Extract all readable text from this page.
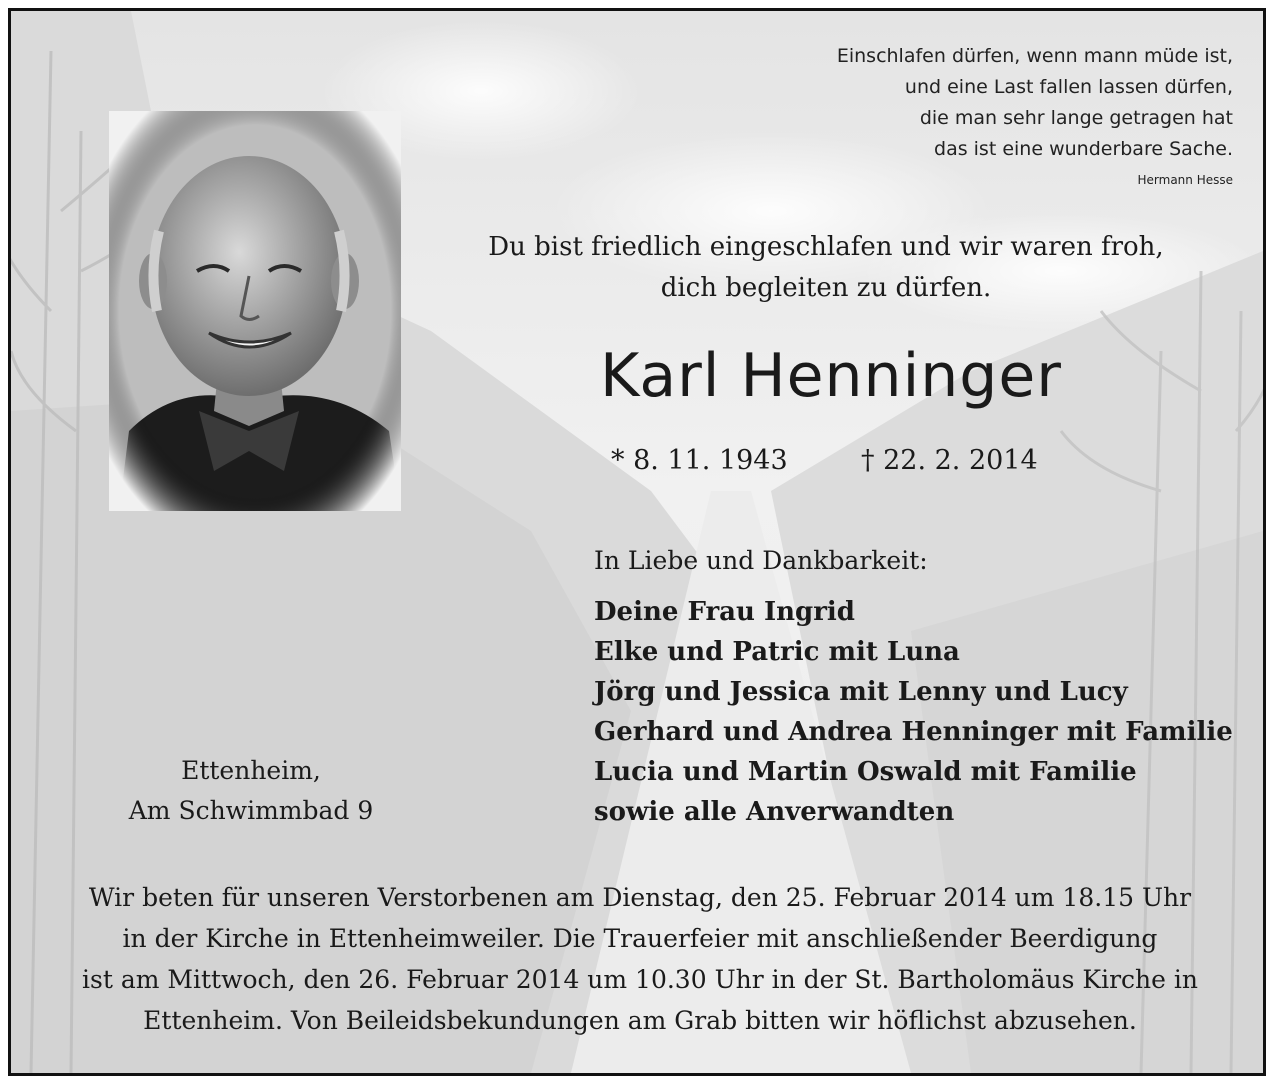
Einschlafen dürfen, wenn mann müde ist,
und eine Last fallen lassen dürfen,
die man sehr lange getragen hat
das ist eine wunderbare Sache.
Hermann Hesse
Du bist friedlich eingeschlafen und wir waren froh,
dich begleiten zu dürfen.
Karl Henninger
* 8. 11. 1943	† 22. 2. 2014
In Liebe und Dankbarkeit:
Deine Frau Ingrid
Elke und Patric mit Luna
Jörg und Jessica mit Lenny und Lucy
Gerhard und Andrea Henninger mit Familie
Lucia und Martin Oswald mit Familie
sowie alle Anverwandten
Ettenheim,
Am Schwimmbad 9
Wir beten für unseren Verstorbenen am Dienstag, den 25. Februar 2014 um 18.15 Uhr
in der Kirche in Ettenheimweiler. Die Trauerfeier mit anschließender Beerdigung
ist am Mittwoch, den 26. Februar 2014 um 10.30 Uhr in der St. Bartholomäus Kirche in
Ettenheim. Von Beileidsbekundungen am Grab bitten wir höflichst abzusehen.
